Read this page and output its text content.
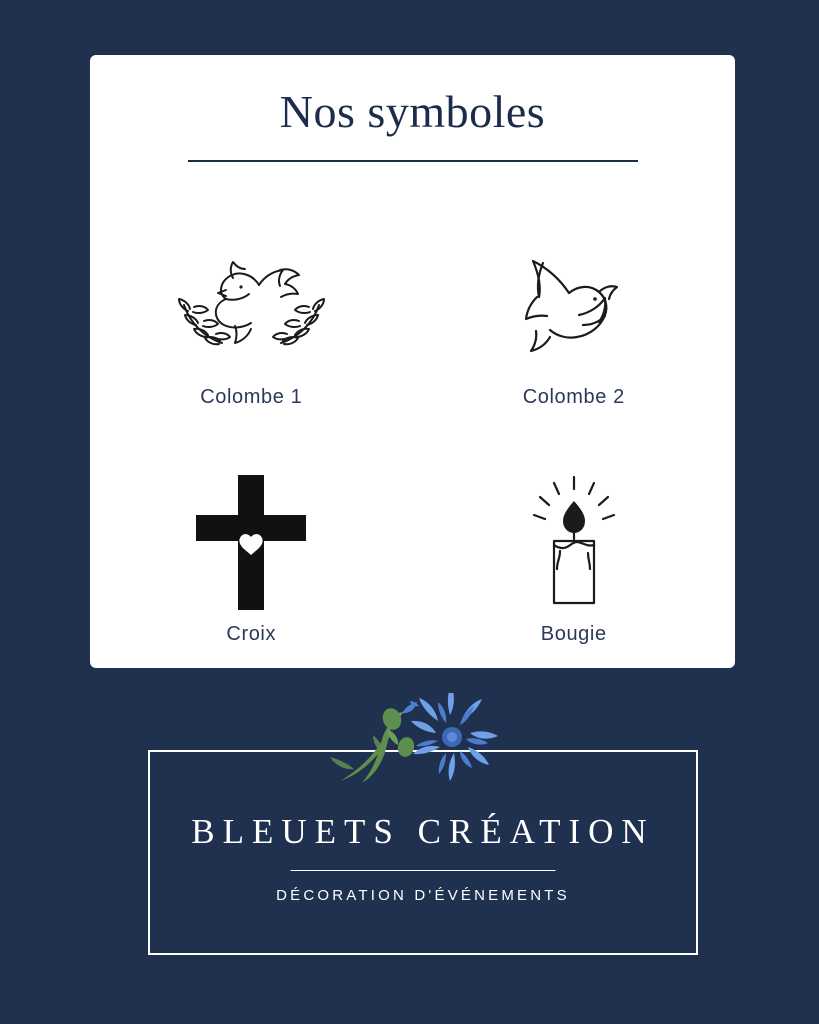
Nos symboles
Colombe 1	Colombe 2
Croix	Bougie
BLEUETS CRÉATION
DÉCORATION D'ÉVÉNEMENTS
